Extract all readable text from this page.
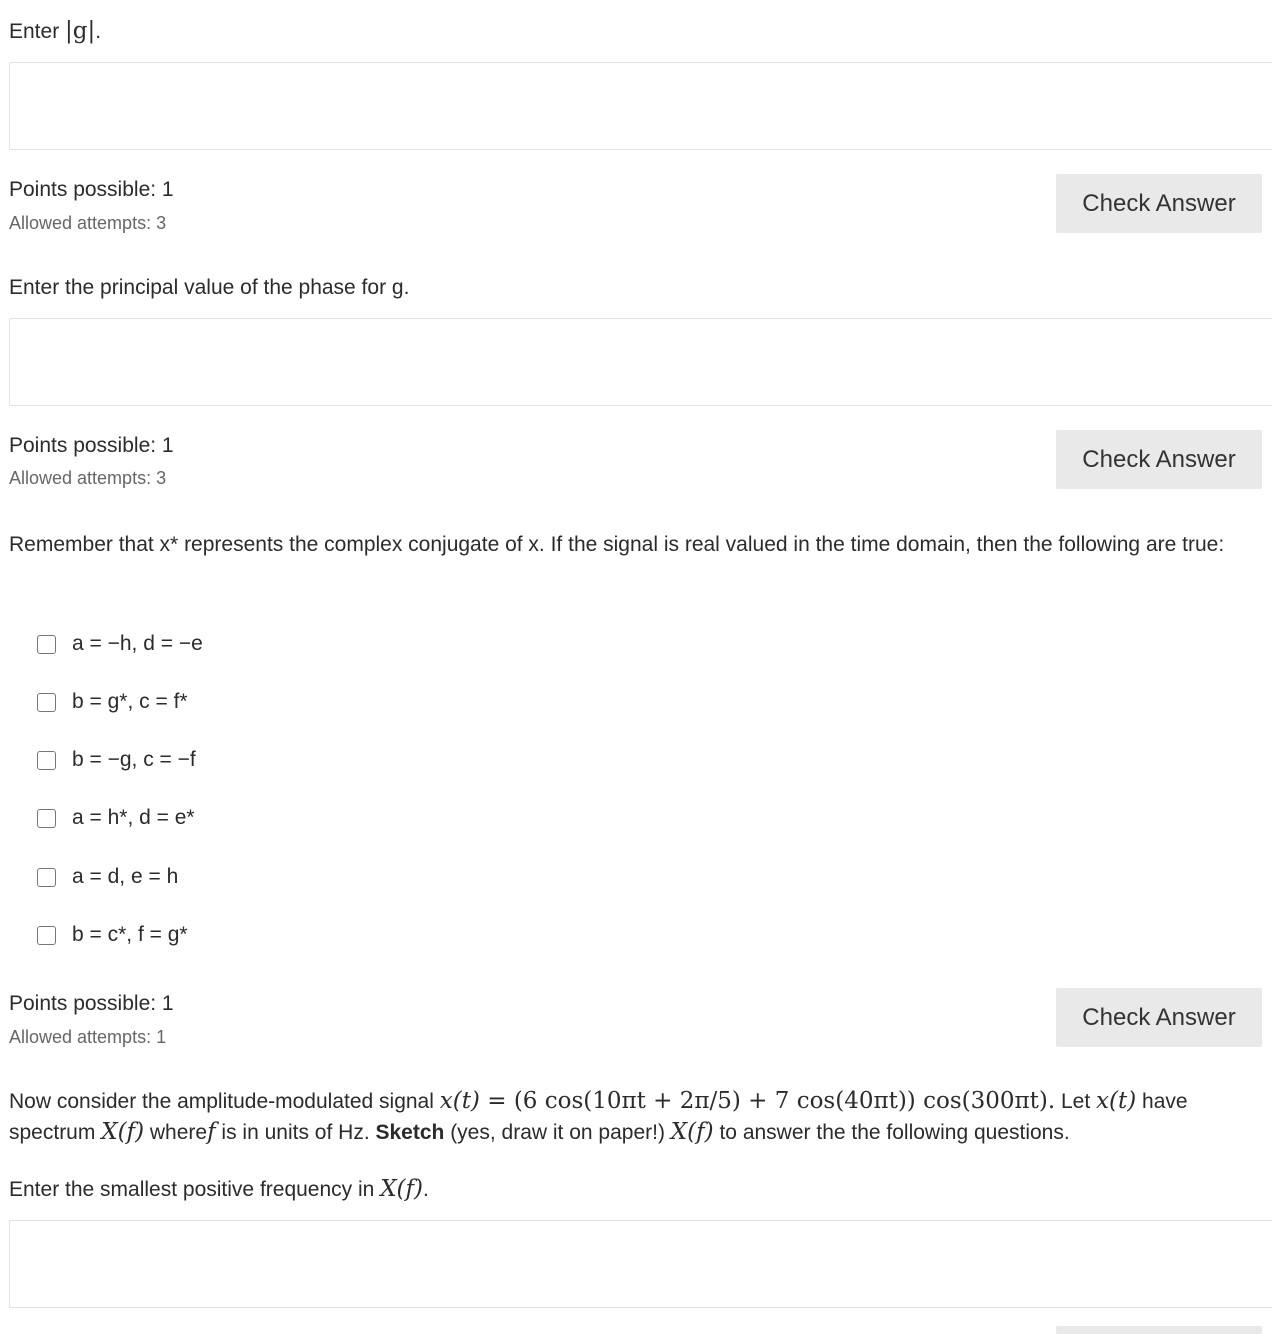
Enter |g|.
Points possible: 1
Allowed attempts: 3
Check Answer
Enter the principal value of the phase for g.
Points possible: 1
Allowed attempts: 3
Check Answer
Remember that x* represents the complex conjugate of x. If the signal is real valued in the time domain, then the following are true:
a = −h, d = −e
b = g*, c = f*
b = −g, c = −f
a = h*, d = e*
a = d, e = h
b = c*, f = g*
Points possible: 1
Allowed attempts: 1
Check Answer
Now consider the amplitude-modulated signal x(t) = (6 cos(10πt + 2π/5) + 7 cos(40πt)) cos(300πt). Let x(t) have spectrum X(f) wheref is in units of Hz. Sketch (yes, draw it on paper!) X(f) to answer the the following questions.
Enter the smallest positive frequency in X(f).
